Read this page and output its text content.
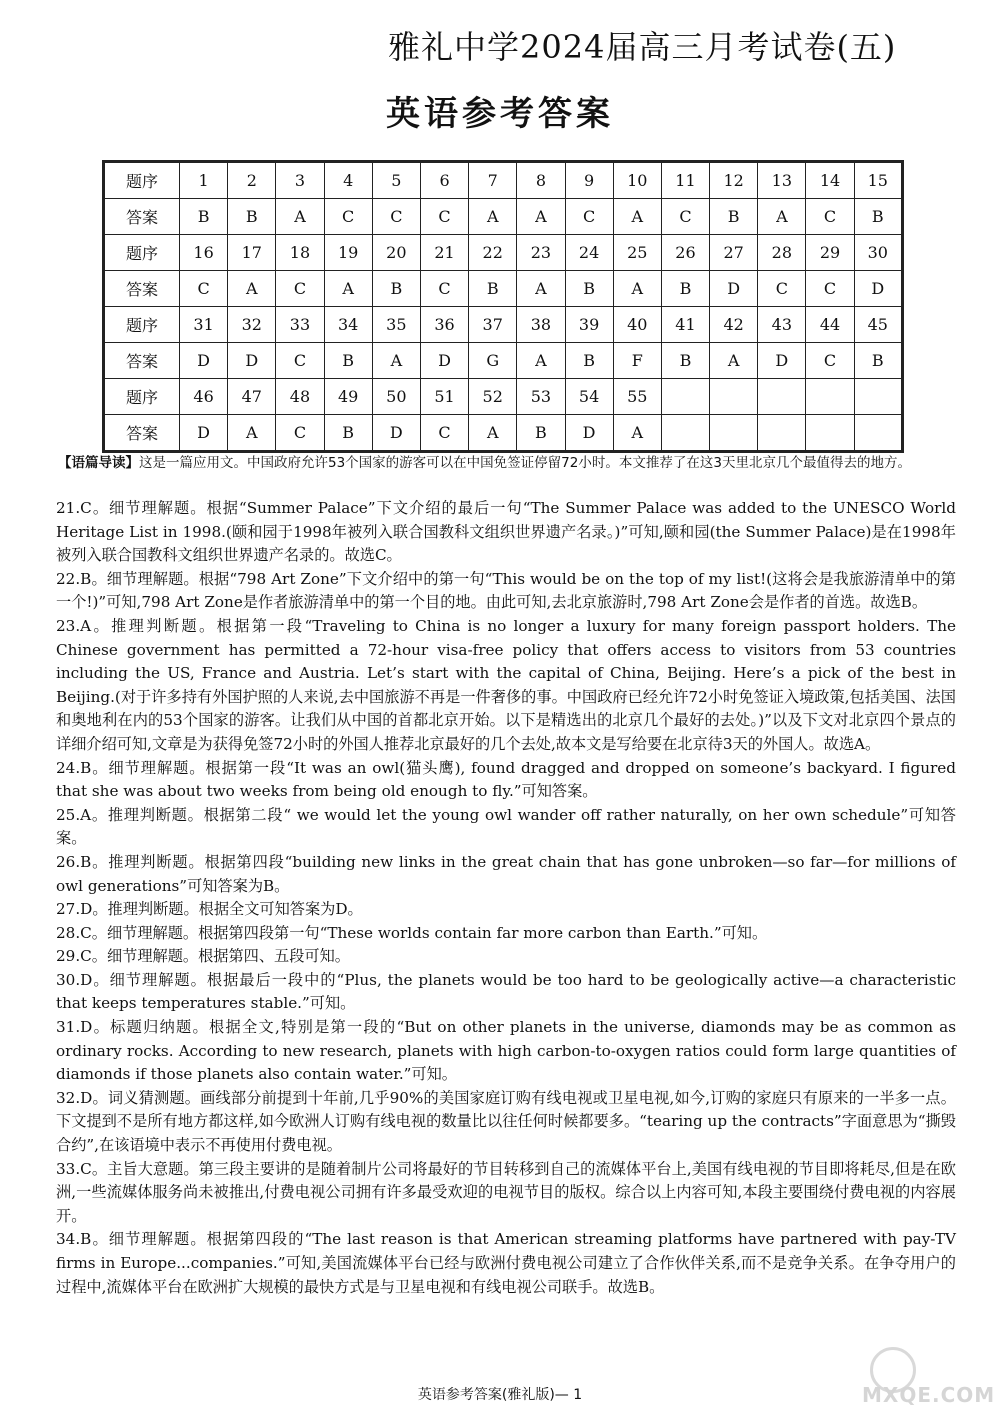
雅礼中学2024届高三月考试卷(五)
英语参考答案
题序	1	2	3	4	5	6	7	8	9	10	11	12	13	14	15
答案	B	B	A	C	C	C	A	A	C	A	C	B	A	C	B
题序	16	17	18	19	20	21	22	23	24	25	26	27	28	29	30
答案	C	A	C	A	B	C	B	A	B	A	B	D	C	C	D
题序	31	32	33	34	35	36	37	38	39	40	41	42	43	44	45
答案	D	D	C	B	A	D	G	A	B	F	B	A	D	C	B
题序	46	47	48	49	50	51	52	53	54	55					
答案	D	A	C	B	D	C	A	B	D	A					
【语篇导读】这是一篇应用文。中国政府允许53个国家的游客可以在中国免签证停留72小时。本文推荐了在这3天里北京几个最值得去的地方。

21.C。细节理解题。根据“Summer Palace”下文介绍的最后一句“The Summer Palace was added to the UNESCO World Heritage List in 1998.(颐和园于1998年被列入联合国教科文组织世界遗产名录。)”可知,颐和园(the Summer Palace)是在1998年被列入联合国教科文组织世界遗产名录的。故选C。

22.B。细节理解题。根据“798 Art Zone”下文介绍中的第一句“This would be on the top of my list!(这将会是我旅游清单中的第一个!)”可知,798 Art Zone是作者旅游清单中的第一个目的地。由此可知,去北京旅游时,798 Art Zone会是作者的首选。故选B。

23.A。推理判断题。根据第一段“Traveling to China is no longer a luxury for many foreign passport holders. The Chinese government has permitted a 72-hour visa-free policy that offers access to visitors from 53 countries including the US, France and Austria. Let’s start with the capital of China, Beijing. Here’s a pick of the best in Beijing.(对于许多持有外国护照的人来说,去中国旅游不再是一件奢侈的事。中国政府已经允许72小时免签证入境政策,包括美国、法国和奥地利在内的53个国家的游客。让我们从中国的首都北京开始。以下是精选出的北京几个最好的去处。)”以及下文对北京四个景点的详细介绍可知,文章是为获得免签72小时的外国人推荐北京最好的几个去处,故本文是写给要在北京待3天的外国人。故选A。

24.B。细节理解题。根据第一段“It was an owl(猫头鹰), found dragged and dropped on someone’s backyard. I figured that she was about two weeks from being old enough to fly.”可知答案。

25.A。推理判断题。根据第二段“ we would let the young owl wander off rather naturally, on her own schedule”可知答案。

26.B。推理判断题。根据第四段“building new links in the great chain that has gone unbroken—so far—for millions of owl generations”可知答案为B。

27.D。推理判断题。根据全文可知答案为D。

28.C。细节理解题。根据第四段第一句“These worlds contain far more carbon than Earth.”可知。

29.C。细节理解题。根据第四、五段可知。

30.D。细节理解题。根据最后一段中的“Plus, the planets would be too hard to be geologically active—a characteristic that keeps temperatures stable.”可知。

31.D。标题归纳题。根据全文,特别是第一段的“But on other planets in the universe, diamonds may be as common as ordinary rocks. According to new research, planets with high carbon-to-oxygen ratios could form large quantities of diamonds if those planets also contain water.”可知。

32.D。词义猜测题。画线部分前提到十年前,几乎90%的美国家庭订购有线电视或卫星电视,如今,订购的家庭只有原来的一半多一点。下文提到不是所有地方都这样,如今欧洲人订购有线电视的数量比以往任何时候都要多。“tearing up the contracts”字面意思为“撕毁合约”,在该语境中表示不再使用付费电视。

33.C。主旨大意题。第三段主要讲的是随着制片公司将最好的节目转移到自己的流媒体平台上,美国有线电视的节目即将耗尽,但是在欧洲,一些流媒体服务尚未被推出,付费电视公司拥有许多最受欢迎的电视节目的版权。综合以上内容可知,本段主要围绕付费电视的内容展开。

34.B。细节理解题。根据第四段的“The last reason is that American streaming platforms have partnered with pay-TV firms in Europe...companies.”可知,美国流媒体平台已经与欧洲付费电视公司建立了合作伙伴关系,而不是竞争关系。在争夺用户的过程中,流媒体平台在欧洲扩大规模的最快方式是与卫星电视和有线电视公司联手。故选B。

英语参考答案(雅礼版)— 1	MXQE.COM
